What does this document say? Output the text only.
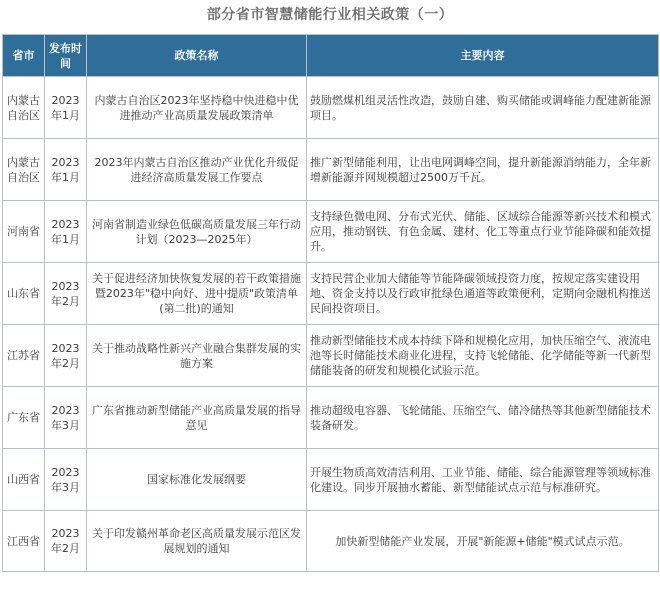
部分省市智慧储能行业相关政策（一）
省市	发布时间	政策名称	主要内容
内蒙古自治区	2023年1月	内蒙古自治区2023年坚持稳中快进稳中优进推动产业高质量发展政策清单	鼓励燃煤机组灵活性改造，鼓励自建、购买储能或调峰能力配建新能源项目。
内蒙古自治区	2023年1月	2023年内蒙古自治区推动产业优化升级促进经济高质量发展工作要点	推广新型储能利用，让出电网调峰空间，提升新能源消纳能力，全年新增新能源并网规模超过2500万千瓦。
河南省	2023年1月	河南省制造业绿色低碳高质量发展三年行动计划（2023—2025年）	支持绿色微电网、分布式光伏、储能、区域综合能源等新兴技术和模式应用，推动钢铁、有色金属、建材、化工等重点行业节能降碳和能效提升。
山东省	2023年2月	关于促进经济加快恢复发展的若干政策措施暨2023年"稳中向好、进中提质"政策清单(第二批)的通知	支持民营企业加大储能等节能降碳领域投资力度，按规定落实建设用地、资金支持以及行政审批绿色通道等政策便利，定期向金融机构推送民间投资项目。
江苏省	2023年2月	关于推动战略性新兴产业融合集群发展的实施方案	推动新型储能技术成本持续下降和规模化应用，加快压缩空气、液流电池等长时储能技术商业化进程，支持飞轮储能、化学储能等新一代新型储能装备的研发和规模化试验示范。
广东省	2023年3月	广东省推动新型储能产业高质量发展的指导意见	推动超级电容器、飞轮储能、压缩空气、储冷储热等其他新型储能技术装备研发。
山西省	2023年3月	国家标准化发展纲要	开展生物质高效清洁利用、工业节能、储能、综合能源管理等领域标准化建设。同步开展抽水蓄能、新型储能试点示范与标准研究。
江西省	2023年2月	关于印发赣州革命老区高质量发展示范区发展规划的通知	加快新型储能产业发展，开展"新能源+储能"模式试点示范。
